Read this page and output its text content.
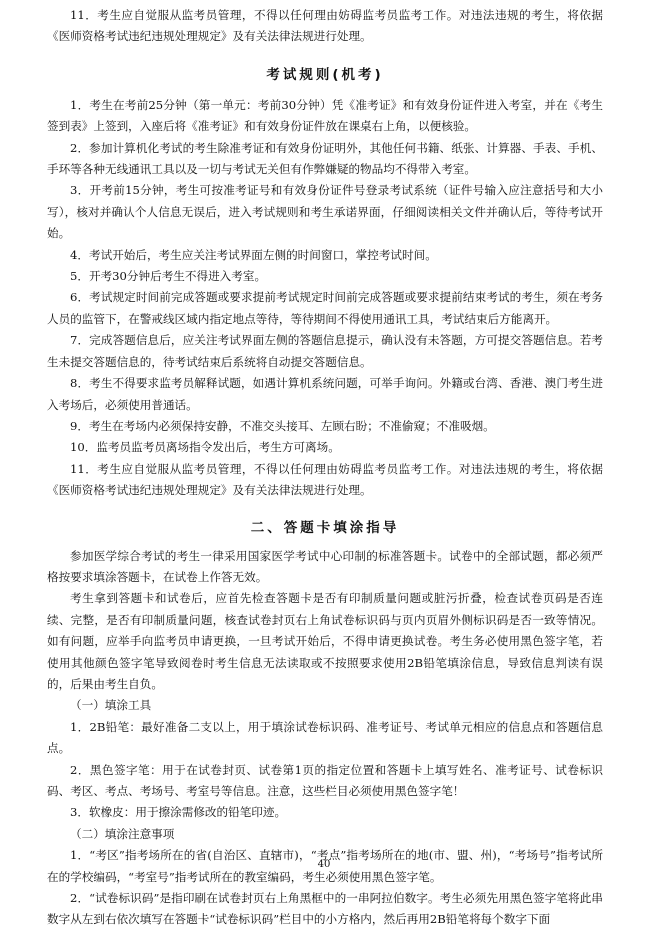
11．考生应自觉服从监考员管理，不得以任何理由妨碍监考员监考工作。对违法违规的考生，将依据《医师资格考试违纪违规处理规定》及有关法律法规进行处理。

考试规则(机考)

1．考生在考前25分钟（第一单元：考前30分钟）凭《准考证》和有效身份证件进入考室，并在《考生签到表》上签到，入座后将《准考证》和有效身份证件放在课桌右上角，以便核验。

2．参加计算机化考试的考生除准考证和有效身份证明外，其他任何书籍、纸张、计算器、手表、手机、手环等各种无线通讯工具以及一切与考试无关但有作弊嫌疑的物品均不得带入考室。

3．开考前15分钟，考生可按准考证号和有效身份证件号登录考试系统（证件号输入应注意括号和大小写），核对并确认个人信息无误后，进入考试规则和考生承诺界面，仔细阅读相关文件并确认后，等待考试开始。

4．考试开始后，考生应关注考试界面左侧的时间窗口，掌控考试时间。

5．开考30分钟后考生不得进入考室。

6．考试规定时间前完成答题或要求提前考试规定时间前完成答题或要求提前结束考试的考生，须在考务人员的监管下，在警戒线区域内指定地点等待，等待期间不得使用通讯工具，考试结束后方能离开。

7．完成答题信息后，应关注考试界面左侧的答题信息提示，确认没有未答题，方可提交答题信息。若考生未提交答题信息的，待考试结束后系统将自动提交答题信息。

8．考生不得要求监考员解释试题，如遇计算机系统问题，可举手询问。外籍或台湾、香港、澳门考生进入考场后，必须使用普通话。

9．考生在考场内必须保持安静，不准交头接耳、左顾右盼；不准偷窥；不准吸烟。

10．监考员监考员离场指令发出后，考生方可离场。

11．考生应自觉服从监考员管理，不得以任何理由妨碍监考员监考工作。对违法违规的考生，将依据《医师资格考试违纪违规处理规定》及有关法律法规进行处理。

二、答题卡填涂指导

参加医学综合考试的考生一律采用国家医学考试中心印制的标准答题卡。试卷中的全部试题，都必须严格按要求填涂答题卡，在试卷上作答无效。

考生拿到答题卡和试卷后，应首先检查答题卡是否有印制质量问题或脏污折叠，检查试卷页码是否连续、完整，是否有印制质量问题，核查试卷封页右上角试卷标识码与页内页眉外侧标识码是否一致等情况。如有问题，应举手向监考员申请更换，一旦考试开始后，不得申请更换试卷。考生务必使用黑色签字笔，若使用其他颜色签字笔导致阅卷时考生信息无法读取或不按照要求使用2B铅笔填涂信息，导致信息判读有误的，后果由考生自负。

（一）填涂工具

1．2B铅笔：最好准备二支以上，用于填涂试卷标识码、准考证号、考试单元相应的信息点和答题信息点。

2．黑色签字笔：用于在试卷封页、试卷第1页的指定位置和答题卡上填写姓名、准考证号、试卷标识码、考区、考点、考场号、考室号等信息。注意，这些栏目必须使用黑色签字笔！

3．软橡皮：用于擦涂需修改的铅笔印迹。

（二）填涂注意事项

1．“考区”指考场所在的省(自治区、直辖市)，“考点”指考场所在的地(市、盟、州)，“考场号”指考试所在的学校编码，“考室号”指考试所在的教室编码，考生必须使用黑色签字笔。

2．“试卷标识码”是指印刷在试卷封页右上角黑框中的一串阿拉伯数字。考生必须先用黑色签字笔将此串数字从左到右依次填写在答题卡“试卷标识码”栏目中的小方格内，然后再用2B铅笔将每个数字下面

40
